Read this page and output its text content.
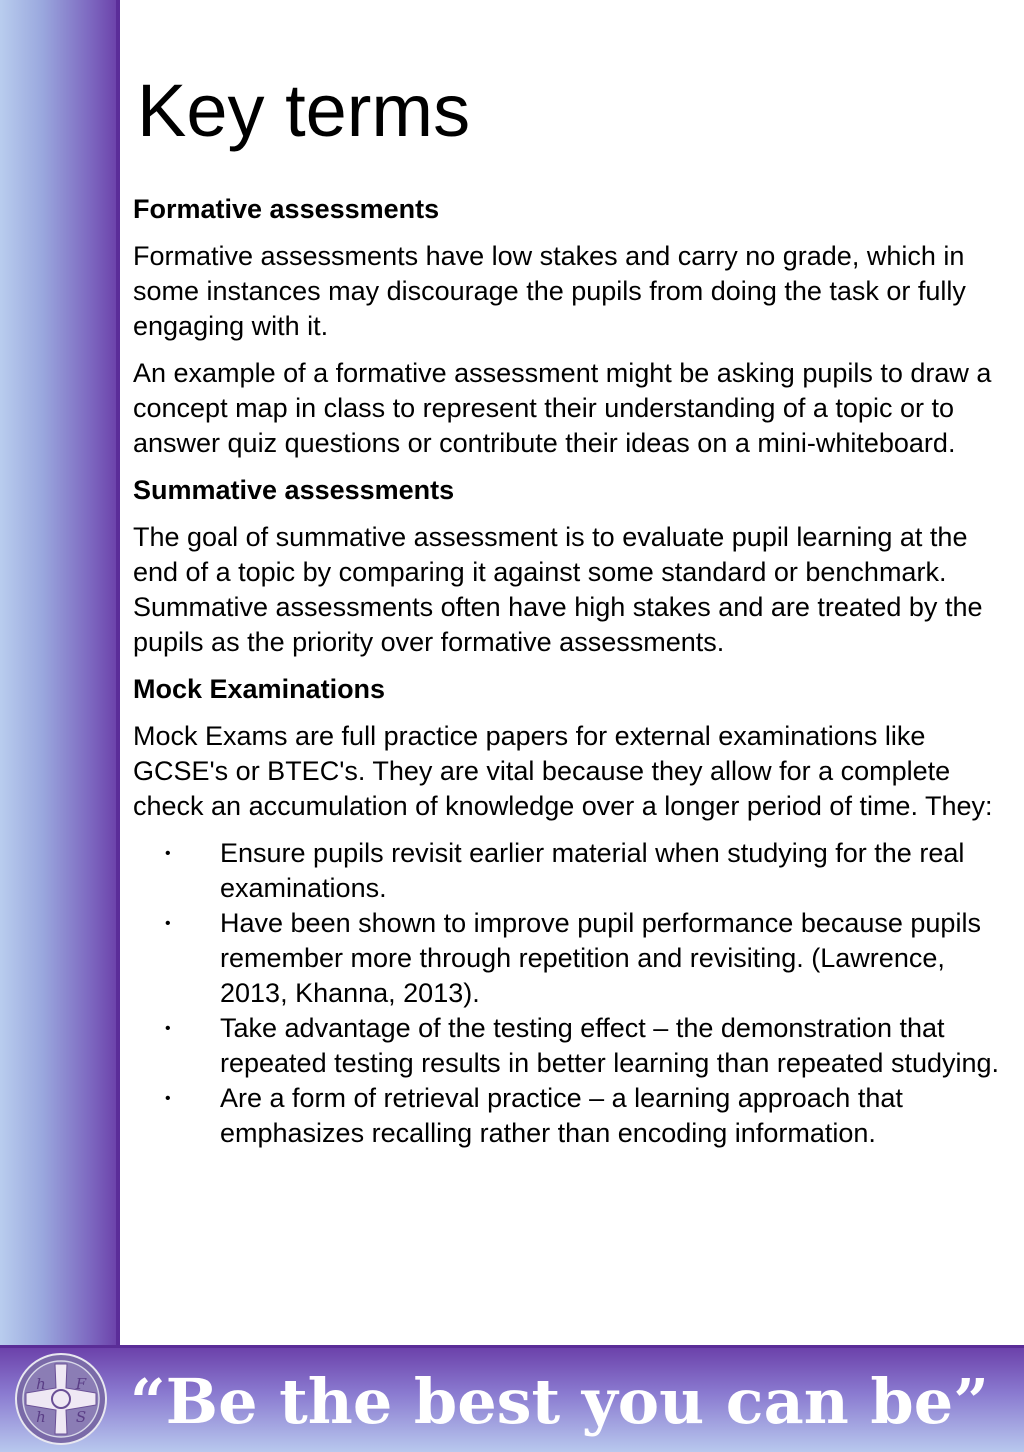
Key terms
Formative assessments

Formative assessments have low stakes and carry no grade, which in some instances may discourage the pupils from doing the task or fully engaging with it.

An example of a formative assessment might be asking pupils to draw a concept map in class to represent their understanding of a topic or to answer quiz questions or contribute their ideas on a mini-whiteboard.

Summative assessments

The goal of summative assessment is to evaluate pupil learning at the end of a topic by comparing it against some standard or benchmark. Summative assessments often have high stakes and are treated by the pupils as the priority over formative assessments.

Mock Examinations

Mock Exams are full practice papers for external examinations like GCSE's or BTEC's. They are vital because they allow for a complete check an accumulation of knowledge over a longer period of time. They:

• Ensure pupils revisit earlier material when studying for the real examinations.
• Have been shown to improve pupil performance because pupils remember more through repetition and revisiting. (Lawrence, 2013, Khanna, 2013).
• Take advantage of the testing effect – the demonstration that repeated testing results in better learning than repeated studying.
• Are a form of retrieval practice – a learning approach that emphasizes recalling rather than encoding information.
h F
h S “Be the best you can be”
